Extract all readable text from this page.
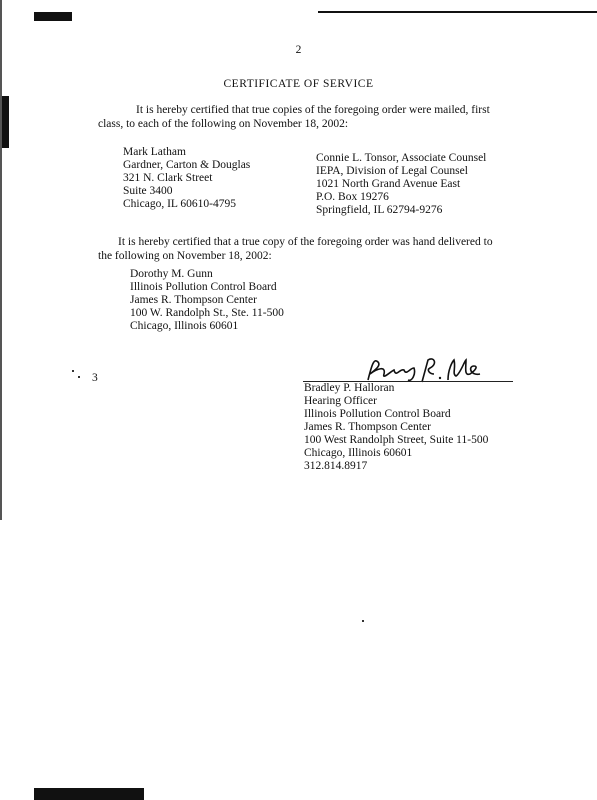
2
CERTIFICATE OF SERVICE
It is hereby certified that true copies of the foregoing order were mailed, first
class, to each of the following on November 18, 2002:
Mark Latham
Gardner, Carton & Douglas
321 N. Clark Street
Suite 3400
Chicago, IL 60610-4795
Connie L. Tonsor, Associate Counsel
IEPA, Division of Legal Counsel
1021 North Grand Avenue East
P.O. Box 19276
Springfield, IL 62794-9276
It is hereby certified that a true copy of the foregoing order was hand delivered to
the following on November 18, 2002:
Dorothy M. Gunn
Illinois Pollution Control Board
James R. Thompson Center
100 W. Randolph St., Ste. 11-500
Chicago, Illinois 60601
3
Bradley P. Halloran
Hearing Officer
Illinois Pollution Control Board
James R. Thompson Center
100 West Randolph Street, Suite 11-500
Chicago, Illinois 60601
312.814.8917
